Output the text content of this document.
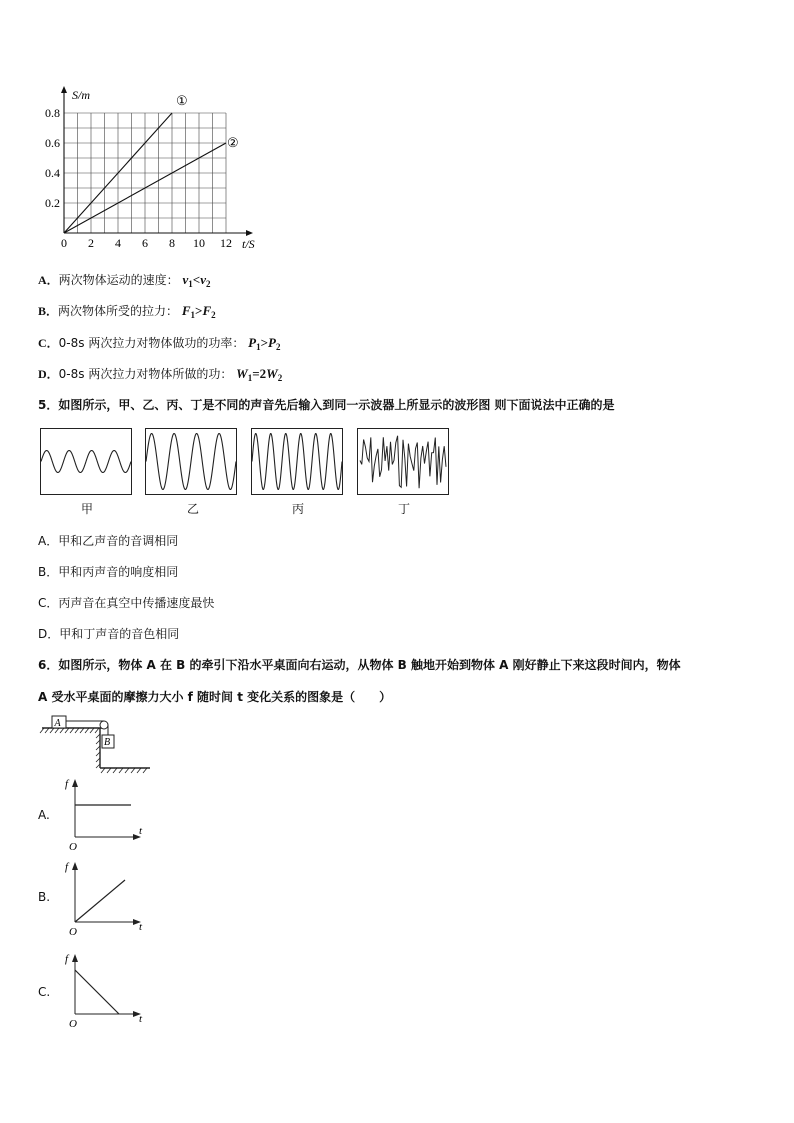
0 2 4 6 8 10 12
0.2
0.4
0.6
0.8
S/m
t/S
①
②
A．两次物体运动的速度： $v_1<v_2$
B．两次物体所受的拉力： $F_1>F_2$
C．0-8s 两次拉力对物体做功的功率： $P_1>P_2$
D．0-8s 两次拉力对物体所做的功： $W_1=2W_2$
5．如图所示，甲、乙、丙、丁是不同的声音先后输入到同一示波器上所显示的波形图 则下面说法中正确的是
甲	乙	丙	丁
A．甲和乙声音的音调相同
B．甲和丙声音的响度相同
C．丙声音在真空中传播速度最快
D．甲和丁声音的音色相同
6．如图所示，物体 A 在 B 的牵引下沿水平桌面向右运动，从物体 B 触地开始到物体 A 刚好静止下来这段时间内，物体
A 受水平桌面的摩擦力大小 f 随时间 t 变化关系的图象是（　　）
A
B
A.
f
t
O
B.
f
t
O
C.
f
t
O
